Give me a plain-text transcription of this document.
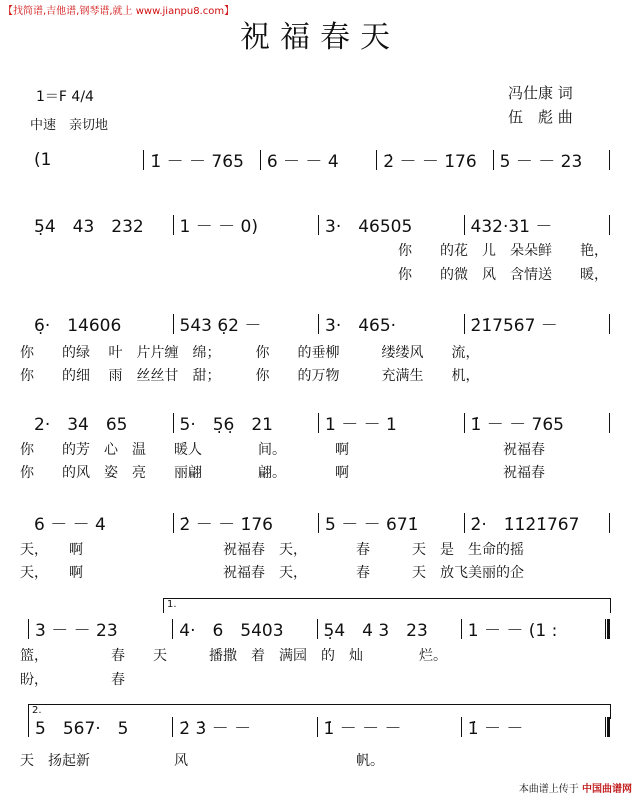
【找简谱,吉他谱,钢琴谱,就上 www.jianpu8.com】
祝福春天
1＝F 4/4
中速　亲切地
冯仕康 词
伍　彪 曲
(1	1̇ － － 765	6 － － 4	2̇ － － 1̇76	5 － － 23
5̣4　43　232	1 － － 0)	3·　46505	432·31 －
　　　　　　　　　　　　　　　　　　　　　　　　　　　你　　的花　儿　朵朵鲜　　艳，
　　　　　　　　　　　　　　　　　　　　　　　　　　　你　　的微　风　含情送　　暖，
6̣·　14606	543 6̣2 －	3·　465·	2̇1̇7567 －
你　　的绿　 叶　片片缠　绵；　　　你　　的垂柳　　　缕缕风　　流，
你　　的细　 雨　丝丝甘　甜；　　　你　　的万物　　　充满生　　机，
2·　34　65	5·　5̣6̣　21	1 － － 1	1̇ － － 765
你　　的芳　心　温　　暖人　　　　间。　　　　啊　　　　　　　　　　　祝福春
你　　的风　姿　亮　　丽翩　　　　翩。　　　　啊　　　　　　　　　　　祝福春
6 － － 4	2̇ － － 1̇76	5 － － 671̇	2̇·　1̇1̇2̇1̇767
天，　　啊　　　　　　　　　　祝福春　天，　　　　春　　　天　是　生命的摇
天，　　啊　　　　　　　　　　祝福春　天，　　　　春　　　天　放飞美丽的企
3 － － 23	4·　6　5403	5̣4　4 3　23	1 － － (1 :
1.
篮，　　　　　春　　天　　　播撒　着　满园　的　灿　　　　烂。
盼，　　　　　春
5　567·　5	2̇ 3̇ － －	1̇ － － －	1̇ － －
2.
天　扬起新　　　　　　风　　　　　　　　　　　　帆。
本曲谱上传于 中国曲谱网
